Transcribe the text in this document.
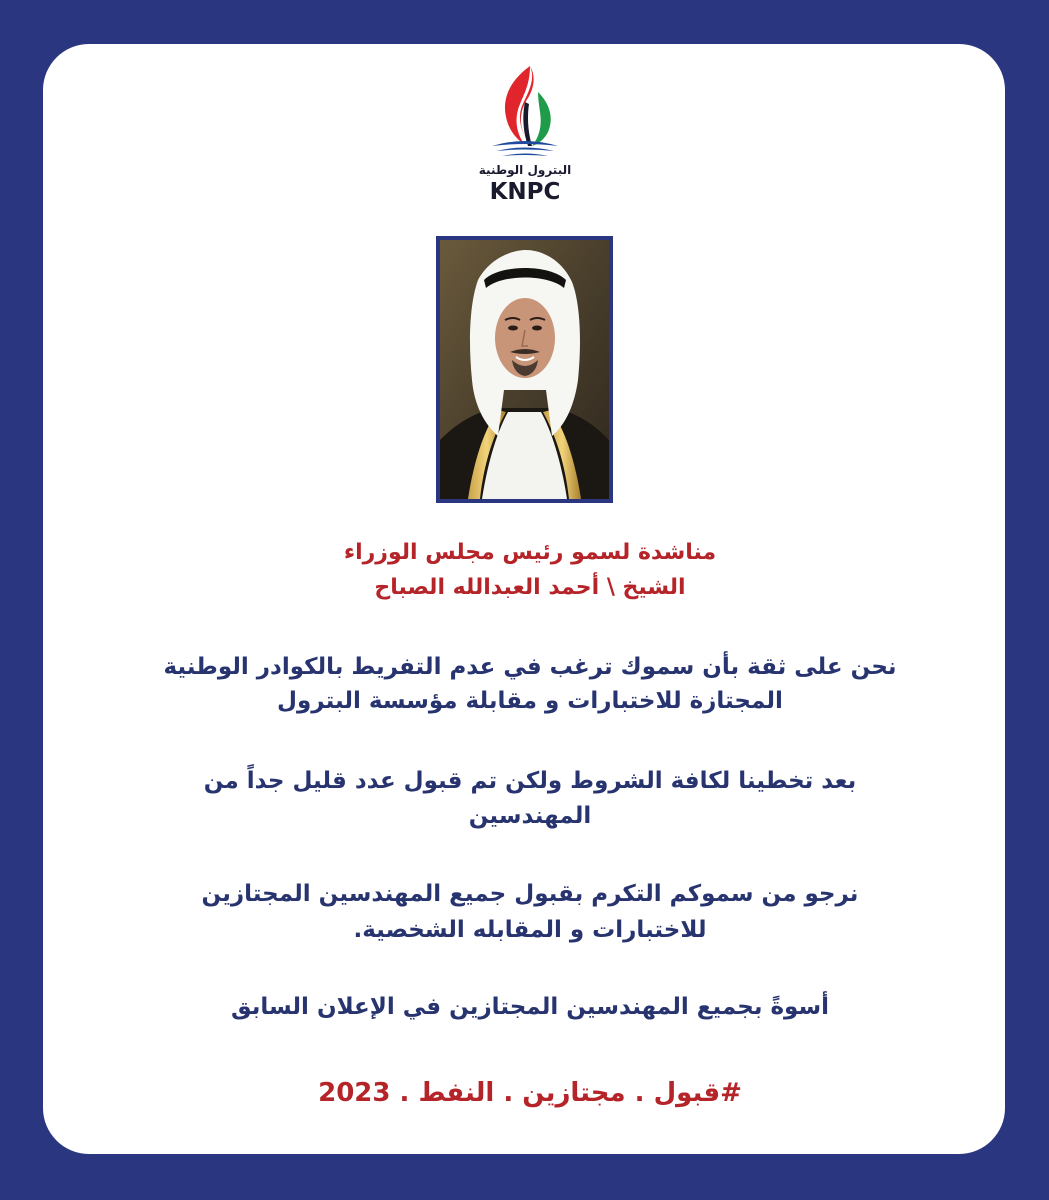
البترول الوطنية
KNPC

مناشدة لسمو رئيس مجلس الوزراء

الشيخ \ أحمد العبدالله الصباح

نحن على ثقة بأن سموك ترغب في عدم التفريط بالكوادر الوطنية

المجتازة للاختبارات و مقابلة مؤسسة البترول

بعد تخطينا لكافة الشروط ولكن تم قبول عدد قليل جداً من

المهندسين

نرجو من سموكم التكرم بقبول جميع المهندسين المجتازين

للاختبارات و المقابله الشخصية.

أسوةً بجميع المهندسين المجتازين في الإعلان السابق

#قبول . مجتازين . النفط . 2023
